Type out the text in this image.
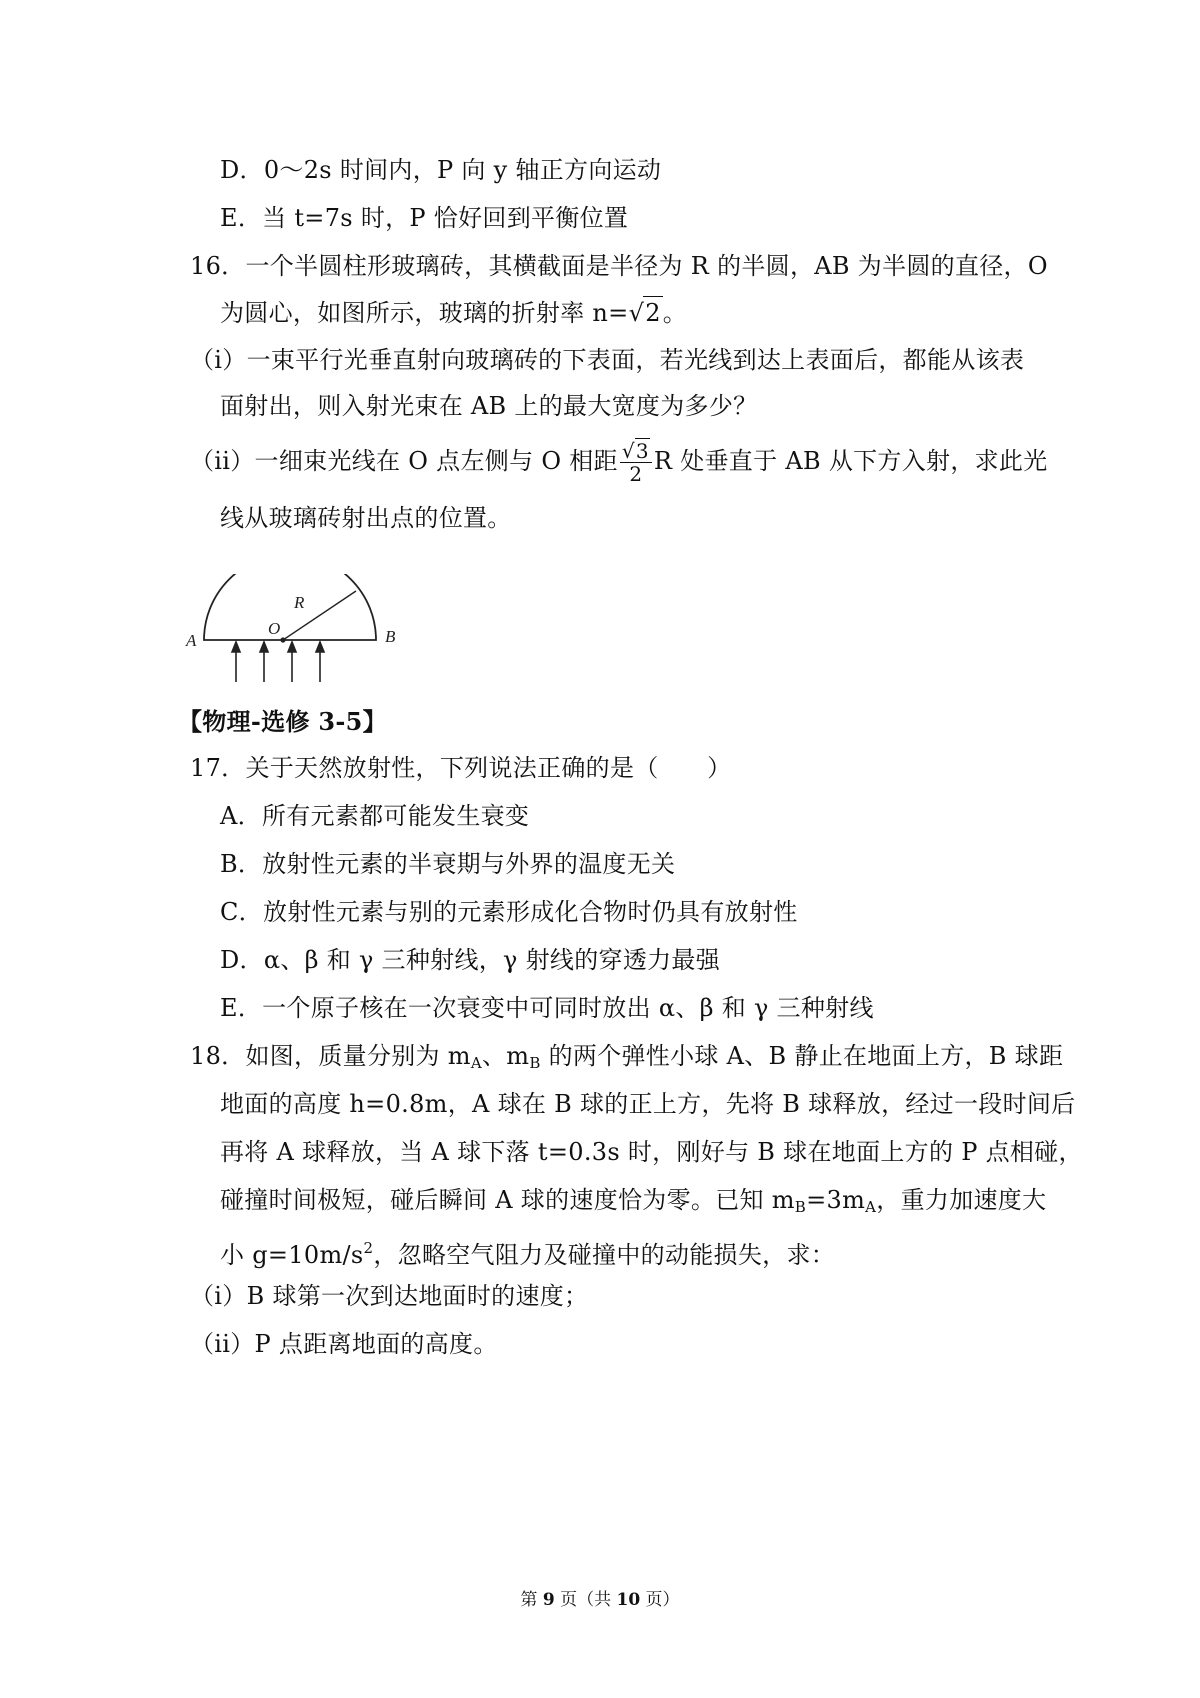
D．0～2s 时间内，P 向 y 轴正方向运动
E．当 t=7s 时，P 恰好回到平衡位置
16．一个半圆柱形玻璃砖，其横截面是半径为 R 的半圆，AB 为半圆的直径，O
为圆心，如图所示，玻璃的折射率 n=√2。
（i）一束平行光垂直射向玻璃砖的下表面，若光线到达上表面后，都能从该表
面射出，则入射光束在 AB 上的最大宽度为多少？
（ii）一细束光线在 O 点左侧与 O 相距 $\frac{√3}{2}$ R 处垂直于 AB 从下方入射，求此光
线从玻璃砖射出点的位置。
A	B
O
R
【物理-选修 3-5】
17．关于天然放射性，下列说法正确的是（　　）
A．所有元素都可能发生衰变
B．放射性元素的半衰期与外界的温度无关
C．放射性元素与别的元素形成化合物时仍具有放射性
D．α、β 和 γ 三种射线，γ 射线的穿透力最强
E．一个原子核在一次衰变中可同时放出 α、β 和 γ 三种射线
18．如图，质量分别为 $m_A$、$m_B$ 的两个弹性小球 A、B 静止在地面上方，B 球距
地面的高度 h=0.8m，A 球在 B 球的正上方，先将 B 球释放，经过一段时间后
再将 A 球释放，当 A 球下落 t=0.3s 时，刚好与 B 球在地面上方的 P 点相碰，
碰撞时间极短，碰后瞬间 A 球的速度恰为零。已知 $m_B=3m_A$，重力加速度大
小 $g=10m/s^2$，忽略空气阻力及碰撞中的动能损失，求：
（i）B 球第一次到达地面时的速度；
（ii）P 点距离地面的高度。
第 9 页（共 10 页）
